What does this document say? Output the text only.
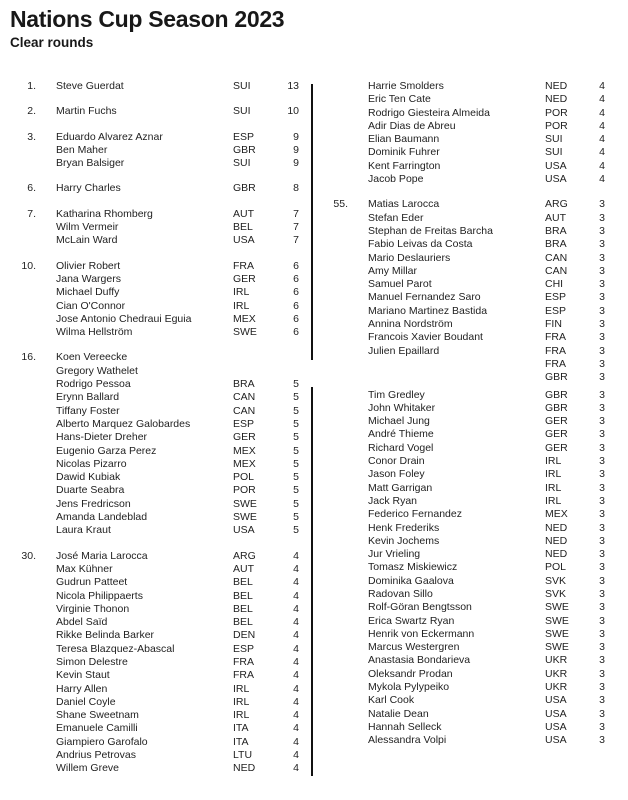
Nations Cup Season 2023
Clear rounds
1.	Steve Guerdat	SUI	13
2.	Martin Fuchs	SUI	10
3.	Eduardo Alvarez Aznar	ESP	9
Ben Maher	GBR	9
Bryan Balsiger	SUI	9
6.	Harry Charles	GBR	8
7.	Katharina Rhomberg	AUT	7
Wilm Vermeir	BEL	7
McLain Ward	USA	7
10.	Olivier Robert	FRA	6
Jana Wargers	GER	6
Michael Duffy	IRL	6
Cian O'Connor	IRL	6
Jose Antonio Chedraui Eguia	MEX	6
Wilma Hellström	SWE	6
16.	Koen Vereecke
Gregory Wathelet
Rodrigo Pessoa	BRA	5
Erynn Ballard	CAN	5
Tiffany Foster	CAN	5
Alberto Marquez Galobardes	ESP	5
Hans-Dieter Dreher	GER	5
Eugenio Garza Perez	MEX	5
Nicolas Pizarro	MEX	5
Dawid Kubiak	POL	5
Duarte Seabra	POR	5
Jens Fredricson	SWE	5
Amanda Landeblad	SWE	5
Laura Kraut	USA	5
30.	José Maria Larocca	ARG	4
Max Kühner	AUT	4
Gudrun Patteet	BEL	4
Nicola Philippaerts	BEL	4
Virginie Thonon	BEL	4
Abdel Saïd	BEL	4
Rikke Belinda Barker	DEN	4
Teresa Blazquez-Abascal	ESP	4
Simon Delestre	FRA	4
Kevin Staut	FRA	4
Harry Allen	IRL	4
Daniel Coyle	IRL	4
Shane Sweetnam	IRL	4
Emanuele Camilli	ITA	4
Giampiero Garofalo	ITA	4
Andrius Petrovas	LTU	4
Willem Greve	NED	4
Harrie Smolders	NED	4
Eric Ten Cate	NED	4
Rodrigo Giesteira Almeida	POR	4
Adir Dias de Abreu	POR	4
Elian Baumann	SUI	4
Dominik Fuhrer	SUI	4
Kent Farrington	USA	4
Jacob Pope	USA	4
55.	Matias Larocca	ARG	3
Stefan Eder	AUT	3
Stephan de Freitas Barcha	BRA	3
Fabio Leivas da Costa	BRA	3
Mario Deslauriers	CAN	3
Amy Millar	CAN	3
Samuel Parot	CHI	3
Manuel Fernandez Saro	ESP	3
Mariano Martinez Bastida	ESP	3
Annina Nordström	FIN	3
Francois Xavier Boudant	FRA	3
Julien Epaillard	FRA	3
FRA	3
GBR	3
Tim Gredley	GBR	3
John Whitaker	GBR	3
Michael Jung	GER	3
André Thieme	GER	3
Richard Vogel	GER	3
Conor Drain	IRL	3
Jason Foley	IRL	3
Matt Garrigan	IRL	3
Jack Ryan	IRL	3
Federico Fernandez	MEX	3
Henk Frederiks	NED	3
Kevin Jochems	NED	3
Jur Vrieling	NED	3
Tomasz Miskiewicz	POL	3
Dominika Gaalova	SVK	3
Radovan Sillo	SVK	3
Rolf-Göran Bengtsson	SWE	3
Erica Swartz Ryan	SWE	3
Henrik von Eckermann	SWE	3
Marcus Westergren	SWE	3
Anastasia Bondarieva	UKR	3
Oleksandr Prodan	UKR	3
Mykola Pylypeiko	UKR	3
Karl Cook	USA	3
Natalie Dean	USA	3
Hannah Selleck	USA	3
Alessandra Volpi	USA	3
